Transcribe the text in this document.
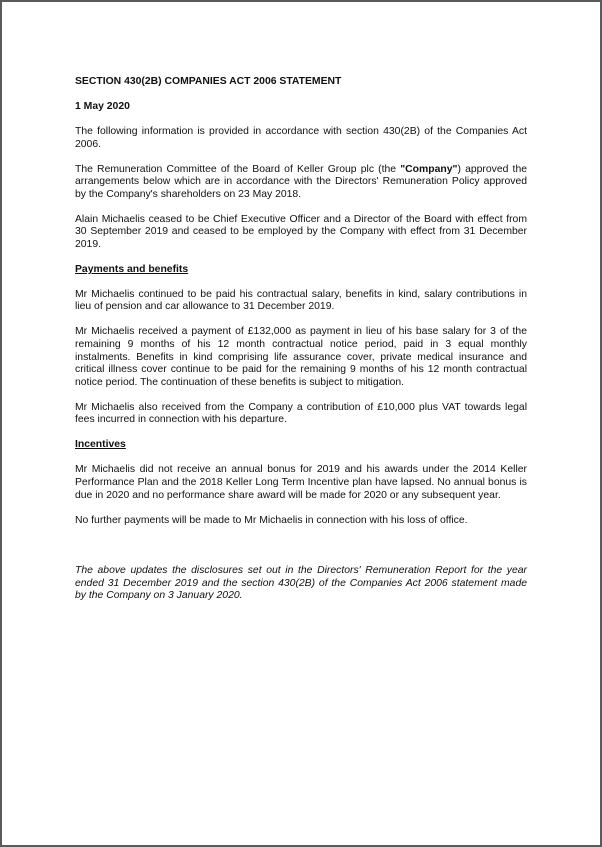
SECTION 430(2B) COMPANIES ACT 2006 STATEMENT

1 May 2020

The following information is provided in accordance with section 430(2B) of the Companies Act 2006.

The Remuneration Committee of the Board of Keller Group plc (the "Company") approved the arrangements below which are in accordance with the Directors' Remuneration Policy approved by the Company's shareholders on 23 May 2018.

Alain Michaelis ceased to be Chief Executive Officer and a Director of the Board with effect from 30 September 2019 and ceased to be employed by the Company with effect from 31 December 2019.

Payments and benefits

Mr Michaelis continued to be paid his contractual salary, benefits in kind, salary contributions in lieu of pension and car allowance to 31 December 2019.

Mr Michaelis received a payment of £132,000 as payment in lieu of his base salary for 3 of the remaining 9 months of his 12 month contractual notice period, paid in 3 equal monthly instalments. Benefits in kind comprising life assurance cover, private medical insurance and critical illness cover continue to be paid for the remaining 9 months of his 12 month contractual notice period. The continuation of these benefits is subject to mitigation.

Mr Michaelis also received from the Company a contribution of £10,000 plus VAT towards legal fees incurred in connection with his departure.

Incentives

Mr Michaelis did not receive an annual bonus for 2019 and his awards under the 2014 Keller Performance Plan and the 2018 Keller Long Term Incentive plan have lapsed. No annual bonus is due in 2020 and no performance share award will be made for 2020 or any subsequent year.

No further payments will be made to Mr Michaelis in connection with his loss of office.

The above updates the disclosures set out in the Directors' Remuneration Report for the year ended 31 December 2019 and the section 430(2B) of the Companies Act 2006 statement made by the Company on 3 January 2020.
